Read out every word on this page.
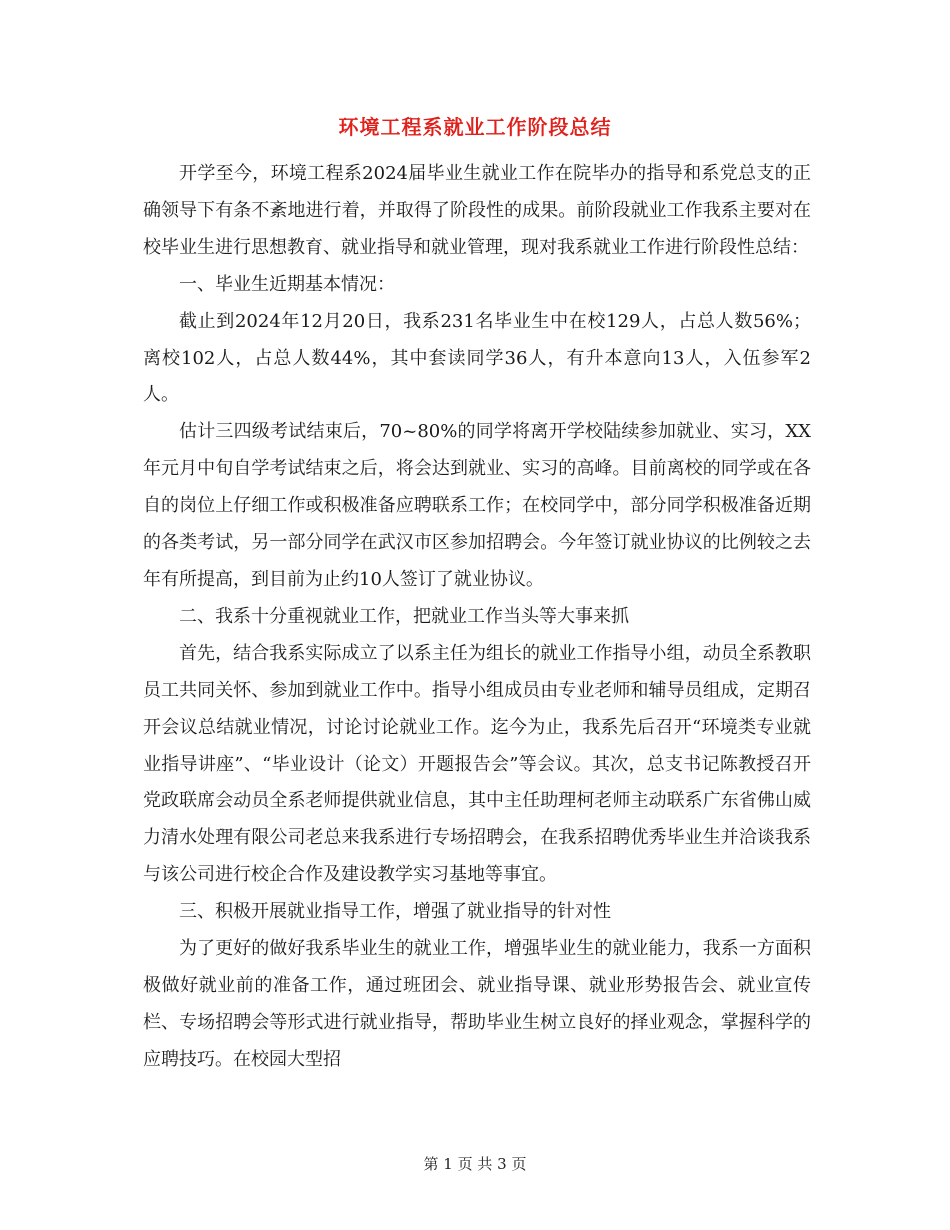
环境工程系就业工作阶段总结

开学至今，环境工程系2024届毕业生就业工作在院毕办的指导和系党总支的正确领导下有条不紊地进行着，并取得了阶段性的成果。前阶段就业工作我系主要对在校毕业生进行思想教育、就业指导和就业管理，现对我系就业工作进行阶段性总结：

一、毕业生近期基本情况：

截止到2024年12月20日，我系231名毕业生中在校129人，占总人数56%；离校102人，占总人数44%，其中套读同学36人，有升本意向13人，入伍参军2人。

估计三四级考试结束后，70~80%的同学将离开学校陆续参加就业、实习，XX年元月中旬自学考试结束之后，将会达到就业、实习的高峰。目前离校的同学或在各自的岗位上仔细工作或积极准备应聘联系工作；在校同学中，部分同学积极准备近期的各类考试，另一部分同学在武汉市区参加招聘会。今年签订就业协议的比例较之去年有所提高，到目前为止约10人签订了就业协议。

二、我系十分重视就业工作，把就业工作当头等大事来抓

首先，结合我系实际成立了以系主任为组长的就业工作指导小组，动员全系教职员工共同关怀、参加到就业工作中。指导小组成员由专业老师和辅导员组成，定期召开会议总结就业情况，讨论讨论就业工作。迄今为止，我系先后召开“环境类专业就业指导讲座”、“毕业设计（论文）开题报告会”等会议。其次，总支书记陈教授召开党政联席会动员全系老师提供就业信息，其中主任助理柯老师主动联系广东省佛山威力清水处理有限公司老总来我系进行专场招聘会，在我系招聘优秀毕业生并洽谈我系与该公司进行校企合作及建设教学实习基地等事宜。

三、积极开展就业指导工作，增强了就业指导的针对性

为了更好的做好我系毕业生的就业工作，增强毕业生的就业能力，我系一方面积极做好就业前的准备工作，通过班团会、就业指导课、就业形势报告会、就业宣传栏、专场招聘会等形式进行就业指导，帮助毕业生树立良好的择业观念，掌握科学的应聘技巧。在校园大型招

第 1 页 共 3 页
